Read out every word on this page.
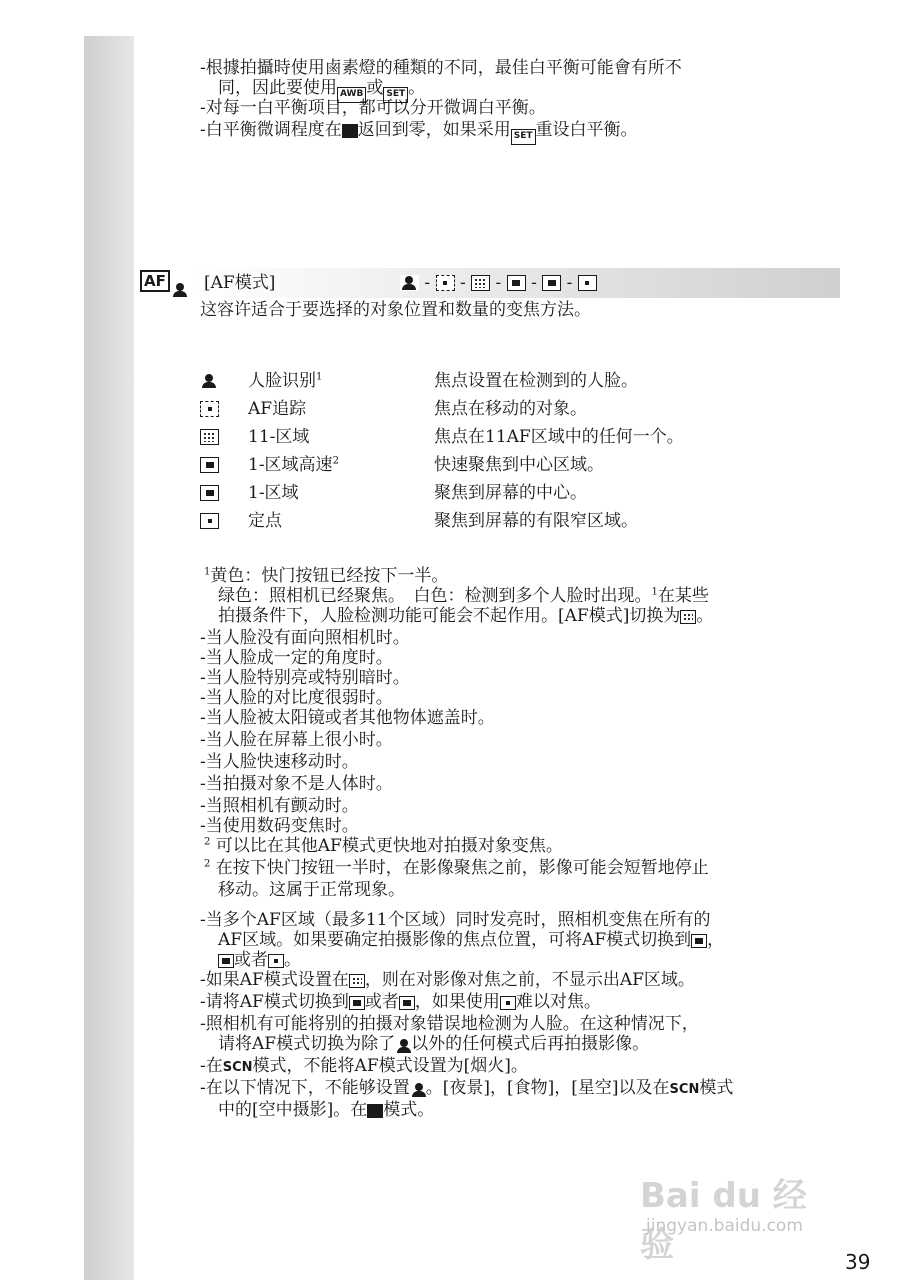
-根據拍攝時使用鹵素燈的種類的不同，最佳白平衡可能會有所不
同，因此要使用 AWB 或 SET 。
-对每一白平衡项目，都可以分开微调白平衡。
-白平衡微调程度在 返回到零，如果采用 SET 重设白平衡。
AF [AF模式]	- - - - -
这容许适合于要选择的对象位置和数量的变焦方法。
人脸识别$^1$	焦点设置在检测到的人脸。
AF追踪	焦点在移动的对象。
11-区域	焦点在11AF区域中的任何一个。
1-区域高速$^2$	快速聚焦到中心区域。
1-区域	聚焦到屏幕的中心。
定点	聚焦到屏幕的有限窄区域。
$^1$黄色：快门按钮已经按下一半。
绿色：照相机已经聚焦。　白色：检测到多个人脸时出现。$^1$在某些
拍摄条件下，人脸检测功能可能会不起作用。[AF模式]切换为 。
-当人脸没有面向照相机时。
-当人脸成一定的角度时。
-当人脸特别亮或特别暗时。
-当人脸的对比度很弱时。
-当人脸被太阳镜或者其他物体遮盖时。
-当人脸在屏幕上很小时。
-当人脸快速移动时。
-当拍摄对象不是人体时。
-当照相机有颤动时。
-当使用数码变焦时。
$^2$ 可以比在其他AF模式更快地对拍摄对象变焦。
$^2$ 在按下快门按钮一半时，在影像聚焦之前，影像可能会短暂地停止
移动。这属于正常现象。
-当多个AF区域（最多11个区域）同时发亮时，照相机变焦在所有的
AF区域。如果要确定拍摄影像的焦点位置，可将AF模式切换到 ，
或者 。
-如果AF模式设置在 ，则在对影像对焦之前，不显示出AF区域。
-请将AF模式切换到 或者 ，如果使用 难以对焦。
-照相机有可能将别的拍摄对象错误地检测为人脸。在这种情况下，
请将AF模式切换为除了 以外的任何模式后再拍摄影像。
-在SCN模式，不能将AF模式设置为[烟火]。
-在以下情况下，不能够设置 。[夜景]，[食物]，[星空]以及在SCN模式
中的[空中摄影]。在 模式。
Bai du 经验
jingyan.baidu.com
39
